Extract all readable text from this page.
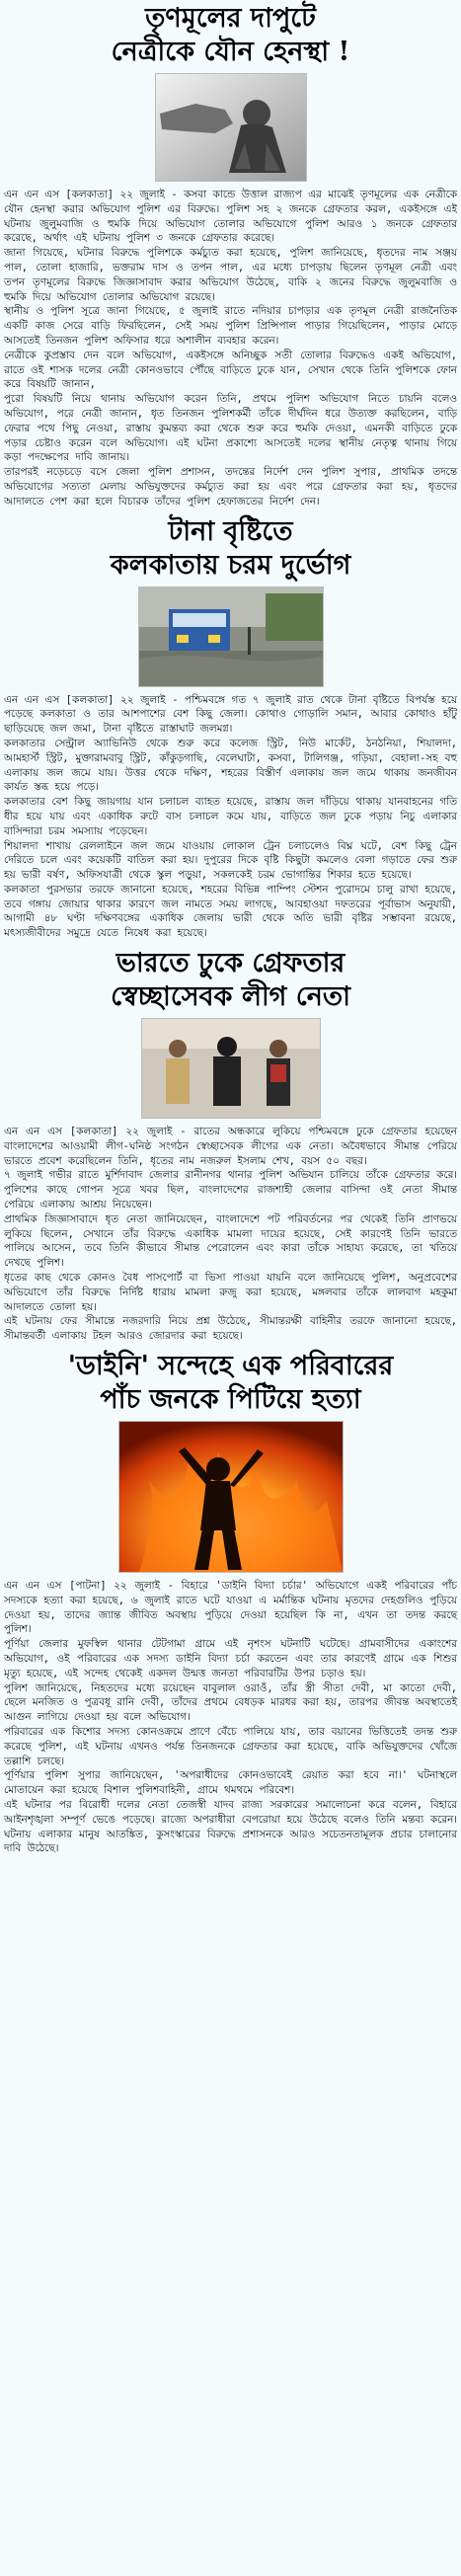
তৃণমূলের দাপুটে
নেত্রীকে যৌন হেনস্থা !

এন এন এস [কলকাতা] ২২ জুলাই - কসবা কান্ডে উত্তাল রাজ্যপ এর মাঝেই তৃণমূলের এক নেত্রীকে যৌন হেনস্থা করার অভিযোগ পুলিশ এর বিরুদ্ধে। পুলিশ সহ ২ জনকে গ্রেফতার করল, একইসঙ্গে এই ঘটনায় জুলুমবাজি ও হুমকি দিয়ে অভিযোগ তোলার অভিযোগে পুলিশ আরও ১ জনকে গ্রেফতার করেছে, অর্থাৎ এই ঘটনায় পুলিশ ৩ জনকে গ্রেফতার করেছে।

জানা গিয়েছে, ঘটনার বিরুদ্ধে পুলিশকে কর্মচ্যুত করা হয়েছে, পুলিশ জানিয়েছে, ধৃতদের নাম সঞ্জয় পাল, তোলা হাজারি, ভক্তরাম দাস ও তপন পাল, এর মধ্যে চাপড়ায় ছিলেন তৃণমূল নেত্রী এবং তপন তৃণমূলের বিরুদ্ধে জিজ্ঞাসাবাদ করার অভিযোগ উঠেছে, বাকি ২ জনের বিরুদ্ধে জুলুমবাজি ও হুমকি দিয়ে অভিযোগ তোলার অভিযোগ রয়েছে।

স্থানীয় ও পুলিশ সূত্রে জানা গিয়েছে, ৫ জুলাই রাতে নদিয়ার চাপড়ার এক তৃণমূল নেত্রী রাজনৈতিক একটি কাজ সেরে বাড়ি ফিরছিলেন, সেই সময় পুলিশ প্রিন্সিপাল পাড়ার গিয়েছিলেন, পাড়ার মোড়ে আসতেই তিনজন পুলিশ অফিসার ধরে অশালীন ব্যবহার করেন।

নেত্রীকে কুপ্রস্তাব দেন বলে অভিযোগ, একইসঙ্গে অনিচ্ছুক সতী তোলার বিরুদ্ধেও একই অভিযোগ, রাতে ওই শাসক দলের নেত্রী কোনওভাবে পৌঁছে বাড়িতে ঢুকে যান, সেখান থেকে তিনি পুলিশকে ফোন করে বিষয়টি জানান,

পুরো বিষয়টি নিয়ে থানায় অভিযোগ করেন তিনি, প্রথমে পুলিশ অভিযোগ নিতে চায়নি বলেও অভিযোগ, পরে নেত্রী জানান, ধৃত তিনজন পুলিশকর্মী তাঁকে দীর্ঘদিন ধরে উত্যক্ত করছিলেন, বাড়ি ফেরার পথে পিছু নেওয়া, রাস্তায় কুমন্তব্য করা থেকে শুরু করে হুমকি দেওয়া, এমনকী বাড়িতে ঢুকে পড়ার চেষ্টাও করেন বলে অভিযোগ। এই ঘটনা প্রকাশ্যে আসতেই দলের স্থানীয় নেতৃত্ব থানায় গিয়ে কড়া পদক্ষেপের দাবি জানায়।

তারপরই নড়েচড়ে বসে জেলা পুলিশ প্রশাসন, তদন্তের নির্দেশ দেন পুলিশ সুপার, প্রাথমিক তদন্তে অভিযোগের সত্যতা মেলায় অভিযুক্তদের কর্মচ্যুত করা হয় এবং পরে গ্রেফতার করা হয়, ধৃতদের আদালতে পেশ করা হলে বিচারক তাঁদের পুলিশ হেফাজতের নির্দেশ দেন।

টানা বৃষ্টিতে
কলকাতায় চরম দুর্ভোগ

এন এন এস [কলকাতা] ২২ জুলাই - পশ্চিমবঙ্গে গত ৭ জুলাই রাত থেকে টানা বৃষ্টিতে বিপর্যস্ত হয়ে পড়েছে কলকাতা ও তার আশপাশের বেশ কিছু জেলা। কোথাও গোড়ালি সমান, আবার কোথাও হাঁটু ছাড়িয়েছে জল জমা, টানা বৃষ্টিতে রাস্তাঘাট জলমগ্ন।

কলকাতার সেন্ট্রাল অ্যাভিনিউ থেকে শুরু করে কলেজ স্ট্রিট, নিউ মার্কেট, ঠনঠনিয়া, শিয়ালদা, আমহার্স্ট স্ট্রিট, মুক্তারামবাবু স্ট্রিট, কাঁকুড়গাছি, বেলেঘাটা, কসবা, টালিগঞ্জ, গড়িয়া, বেহালা-সহ বহু এলাকায় জল জমে যায়। উত্তর থেকে দক্ষিণ, শহরের বিস্তীর্ণ এলাকায় জল জমে থাকায় জনজীবন কার্যত স্তব্ধ হয়ে পড়ে।

কলকাতার বেশ কিছু জায়গায় যান চলাচল ব্যাহত হয়েছে, রাস্তায় জল দাঁড়িয়ে থাকায় যানবাহনের গতি ধীর হয়ে যায় এবং একাধিক রুটে বাস চলাচল কমে যায়, বাড়িতে জল ঢুকে পড়ায় নিচু এলাকার বাসিন্দারা চরম সমস্যায় পড়েছেন।

শিয়ালদা শাখায় রেললাইনে জল জমে যাওয়ায় লোকাল ট্রেন চলাচলেও বিঘ্ন ঘটে, বেশ কিছু ট্রেন দেরিতে চলে এবং কয়েকটি বাতিল করা হয়। দুপুরের দিকে বৃষ্টি কিছুটা কমলেও বেলা গড়াতে ফের শুরু হয় ভারী বর্ষণ, অফিসযাত্রী থেকে স্কুল পড়ুয়া, সকলকেই চরম ভোগান্তির শিকার হতে হয়েছে।

কলকাতা পুরসভার তরফে জানানো হয়েছে, শহরের বিভিন্ন পাম্পিং স্টেশন পুরোদমে চালু রাখা হয়েছে, তবে গঙ্গায় জোয়ার থাকার কারণে জল নামতে সময় লাগছে, আবহাওয়া দফতরের পূর্বাভাস অনুযায়ী, আগামী ৪৮ ঘণ্টা দক্ষিণবঙ্গের একাধিক জেলায় ভারী থেকে অতি ভারী বৃষ্টির সম্ভাবনা রয়েছে, মৎস্যজীবীদের সমুদ্রে যেতে নিষেধ করা হয়েছে।

ভারতে ঢুকে গ্রেফতার
স্বেচ্ছাসেবক লীগ নেতা

এন এন এস [কলকাতা] ২২ জুলাই - রাতের অন্ধকারে লুকিয়ে পশ্চিমবঙ্গে ঢুকে গ্রেফতার হয়েছেন বাংলাদেশের আওয়ামী লীগ-ঘনিষ্ঠ সংগঠন স্বেচ্ছাসেবক লীগের এক নেতা। অবৈধভাবে সীমান্ত পেরিয়ে ভারতে প্রবেশ করেছিলেন তিনি, ধৃতের নাম নজরুল ইসলাম শেখ, বয়স ৫০ বছর।

৭ জুলাই গভীর রাতে মুর্শিদাবাদ জেলার রানীনগর থানার পুলিশ অভিযান চালিয়ে তাঁকে গ্রেফতার করে। পুলিশের কাছে গোপন সূত্রে খবর ছিল, বাংলাদেশের রাজশাহী জেলার বাসিন্দা ওই নেতা সীমান্ত পেরিয়ে এলাকায় আশ্রয় নিয়েছেন।

প্রাথমিক জিজ্ঞাসাবাদে ধৃত নেতা জানিয়েছেন, বাংলাদেশে পট পরিবর্তনের পর থেকেই তিনি প্রাণভয়ে লুকিয়ে ছিলেন, সেখানে তাঁর বিরুদ্ধে একাধিক মামলা দায়ের হয়েছে, সেই কারণেই তিনি ভারতে পালিয়ে আসেন, তবে তিনি কীভাবে সীমান্ত পেরোলেন এবং কারা তাঁকে সাহায্য করেছে, তা খতিয়ে দেখছে পুলিশ।

ধৃতের কাছ থেকে কোনও বৈধ পাসপোর্ট বা ভিসা পাওয়া যায়নি বলে জানিয়েছে পুলিশ, অনুপ্রবেশের অভিযোগে তাঁর বিরুদ্ধে নির্দিষ্ট ধারায় মামলা রুজু করা হয়েছে, মঙ্গলবার তাঁকে লালবাগ মহকুমা আদালতে তোলা হয়।

এই ঘটনায় ফের সীমান্তে নজরদারি নিয়ে প্রশ্ন উঠেছে, সীমান্তরক্ষী বাহিনীর তরফে জানানো হয়েছে, সীমান্তবর্তী এলাকায় টহল আরও জোরদার করা হয়েছে।

'ডাইনি' সন্দেহে এক পরিবারের
পাঁচ জনকে পিটিয়ে হত্যা

এন এন এস [পাটনা] ২২ জুলাই - বিহারে 'ডাইনি বিদ্যা চর্চার' অভিযোগে একই পরিবারের পাঁচ সদস্যকে হত্যা করা হয়েছে, ৬ জুলাই রাতে ঘটে যাওয়া এ মর্মান্তিক ঘটনায় মৃতদের দেহগুলিও পুড়িয়ে দেওয়া হয়, তাদের জ্যান্ত জীবিত অবস্থায় পুড়িয়ে দেওয়া হয়েছিল কি না, এখন তা তদন্ত করছে পুলিশ।

পূর্ণিয়া জেলার মুফস্বিল থানার টেটগামা গ্রামে এই নৃশংস ঘটনাটি ঘটেছে। গ্রামবাসীদের একাংশের অভিযোগ, ওই পরিবারের এক সদস্য ডাইনি বিদ্যা চর্চা করতেন এবং তার কারণেই গ্রামে এক শিশুর মৃত্যু হয়েছে, এই সন্দেহ থেকেই একদল উন্মত্ত জনতা পরিবারটির উপর চড়াও হয়।

পুলিশ জানিয়েছে, নিহতদের মধ্যে রয়েছেন বাবুলাল ওরাওঁ, তাঁর স্ত্রী সীতা দেবী, মা কাতো দেবী, ছেলে মনজিত ও পুত্রবধূ রানি দেবী, তাঁদের প্রথমে বেধড়ক মারধর করা হয়, তারপর জীবন্ত অবস্থাতেই আগুন লাগিয়ে দেওয়া হয় বলে অভিযোগ।

পরিবারের এক কিশোর সদস্য কোনওক্রমে প্রাণে বেঁচে পালিয়ে যায়, তার বয়ানের ভিত্তিতেই তদন্ত শুরু করেছে পুলিশ, এই ঘটনায় এখনও পর্যন্ত তিনজনকে গ্রেফতার করা হয়েছে, বাকি অভিযুক্তদের খোঁজে তল্লাশি চলছে।

পূর্ণিয়ার পুলিশ সুপার জানিয়েছেন, 'অপরাধীদের কোনওভাবেই রেয়াত করা হবে না।' ঘটনাস্থলে মোতায়েন করা হয়েছে বিশাল পুলিশবাহিনী, গ্রামে থমথমে পরিবেশ।

এই ঘটনার পর বিরোধী দলের নেতা তেজস্বী যাদব রাজ্য সরকারের সমালোচনা করে বলেন, বিহারে আইনশৃঙ্খলা সম্পূর্ণ ভেঙে পড়েছে। রাজ্যে অপরাধীরা বেপরোয়া হয়ে উঠেছে বলেও তিনি মন্তব্য করেন। ঘটনায় এলাকার মানুষ আতঙ্কিত, কুসংস্কারের বিরুদ্ধে প্রশাসনকে আরও সচেতনতামূলক প্রচার চালানোর দাবি উঠেছে।
